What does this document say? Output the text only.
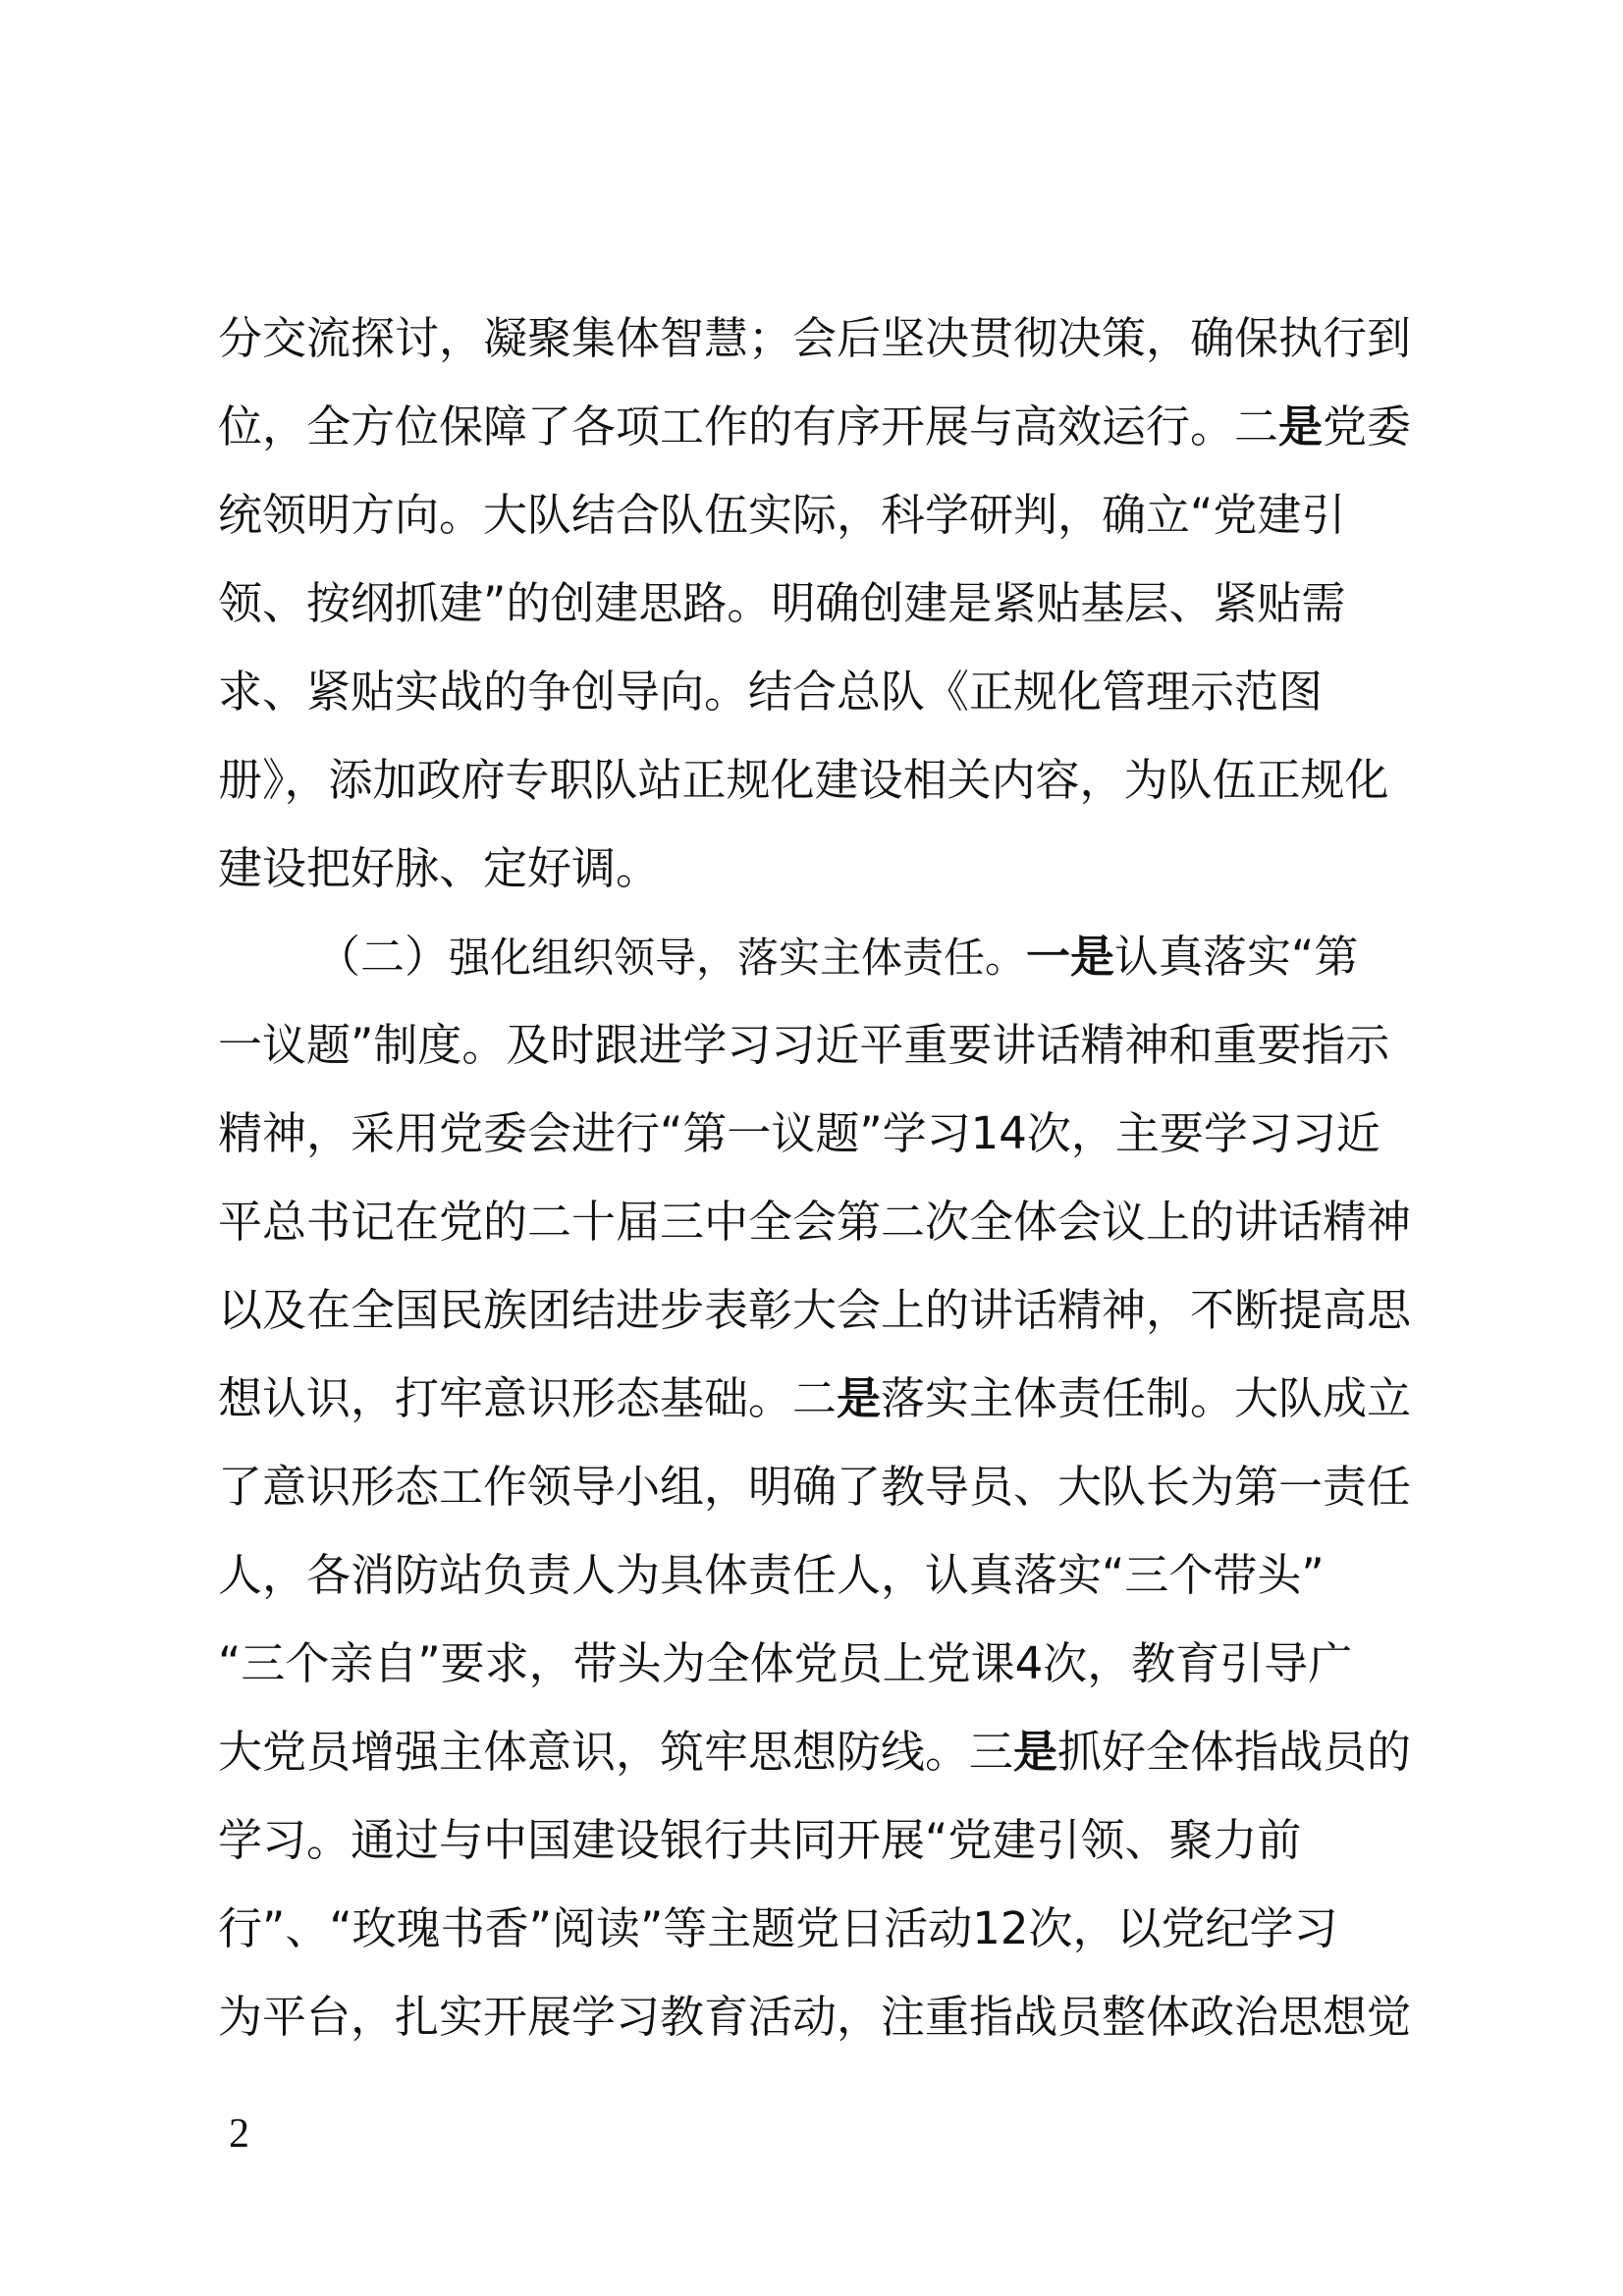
分交流探讨，凝聚集体智慧；会后坚决贯彻决策，确保执行到
位，全方位保障了各项工作的有序开展与高效运行。二是党委
统领明方向。大队结合队伍实际，科学研判，确立“党建引
领、按纲抓建”的创建思路。明确创建是紧贴基层、紧贴需
求、紧贴实战的争创导向。结合总队《正规化管理示范图
册》，添加政府专职队站正规化建设相关内容，为队伍正规化
建设把好脉、定好调。
（二）强化组织领导，落实主体责任。一是认真落实“第
一议题”制度。及时跟进学习习近平重要讲话精神和重要指示
精神，采用党委会进行“第一议题”学习14次，主要学习习近
平总书记在党的二十届三中全会第二次全体会议上的讲话精神
以及在全国民族团结进步表彰大会上的讲话精神，不断提高思
想认识，打牢意识形态基础。二是落实主体责任制。大队成立
了意识形态工作领导小组，明确了教导员、大队长为第一责任
人，各消防站负责人为具体责任人，认真落实“三个带头”
“三个亲自”要求，带头为全体党员上党课4次，教育引导广
大党员增强主体意识，筑牢思想防线。三是抓好全体指战员的
学习。通过与中国建设银行共同开展“党建引领、聚力前
行”、“玫瑰书香”阅读”等主题党日活动12次，以党纪学习
为平台，扎实开展学习教育活动，注重指战员整体政治思想觉
2
